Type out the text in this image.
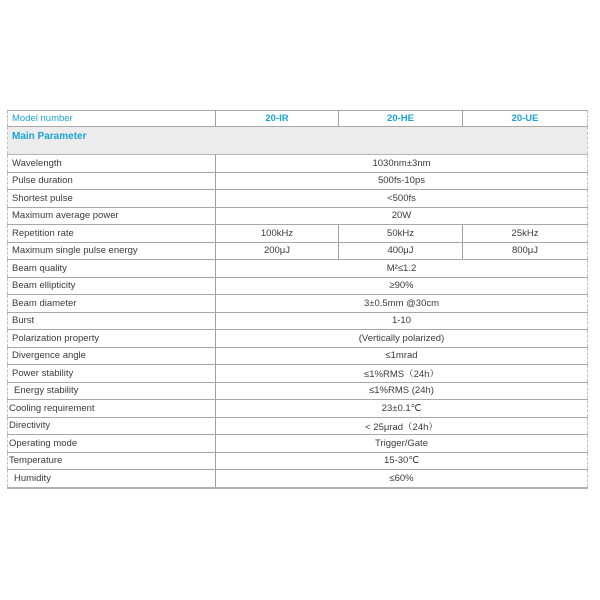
Model number	20-IR	20-HE	20-UE
Main Parameter			
Wavelength	1030nm±3nm		
Pulse duration	500fs-10ps		
Shortest pulse	<500fs		
Maximum average power	20W		
Repetition rate	100kHz	50kHz	25kHz
Maximum single pulse energy	200μJ	400μJ	800μJ
Beam quality	M²≤1.2		
Beam ellipticity	≥90%		
Beam diameter	3±0.5mm @30cm		
Burst	1-10		
Polarization property	(Vertically polarized)		
Divergence angle	≤1mrad		
Power stability	≤1%RMS（24h）		
Energy stability	≤1%RMS (24h)		
Cooling requirement	23±0.1℃		
Directivity	< 25μrad（24h）		
Operating mode	Trigger/Gate		
Temperature	15-30℃		
Humidity	≤60%		
